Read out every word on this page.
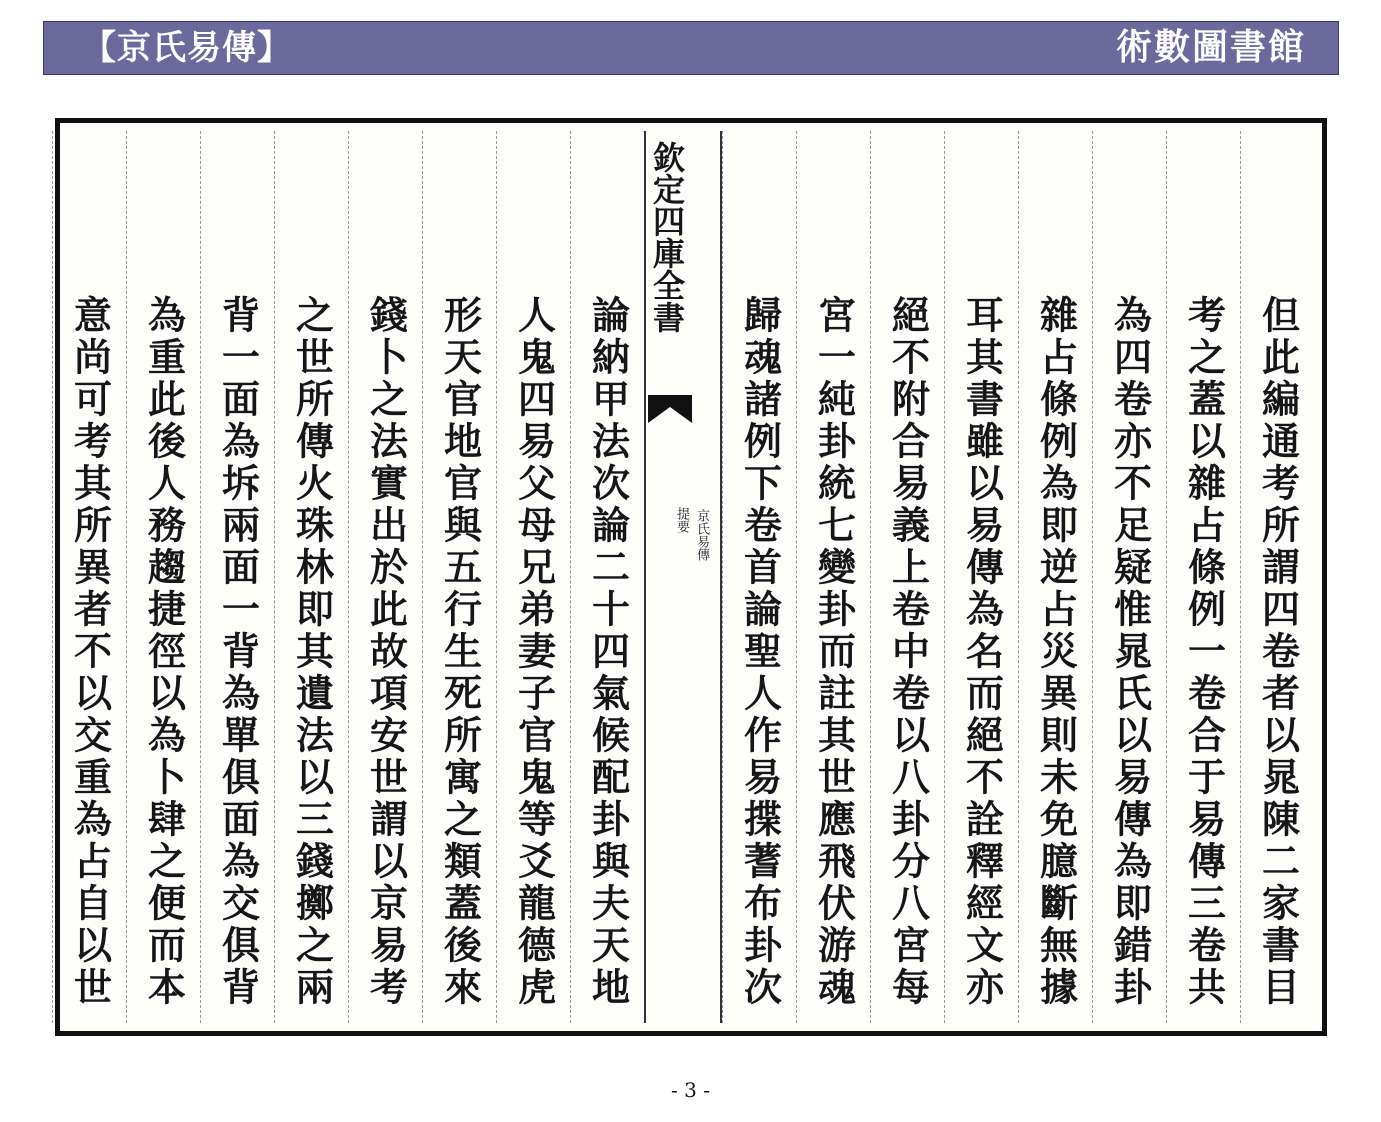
【京氏易傳】	術數圖書館
但此編通考所謂四卷者以晁陳二家書目
考之蓋以雜占條例一卷合于易傳三卷共
為四卷亦不足疑惟晁氏以易傳為即錯卦
雜占條例為即逆占災異則未免臆斷無據
耳其書雖以易傳為名而絕不詮釋經文亦
絕不附合易義上卷中卷以八卦分八宮每
宮一純卦統七變卦而註其世應飛伏游魂
歸魂諸例下卷首論聖人作易揲蓍布卦次
欽定四庫全書
京氏易傳
提要
論納甲法次論二十四氣候配卦與夫天地
人鬼四易父母兄弟妻子官鬼等爻龍德虎
形天官地官與五行生死所寓之類蓋後來
錢卜之法實出於此故項安世謂以京易考
之世所傳火珠林即其遺法以三錢擲之兩
背一面為坼兩面一背為單俱面為交俱背
為重此後人務趨捷徑以為卜肆之便而本
意尚可考其所異者不以交重為占自以世
- 3 -
